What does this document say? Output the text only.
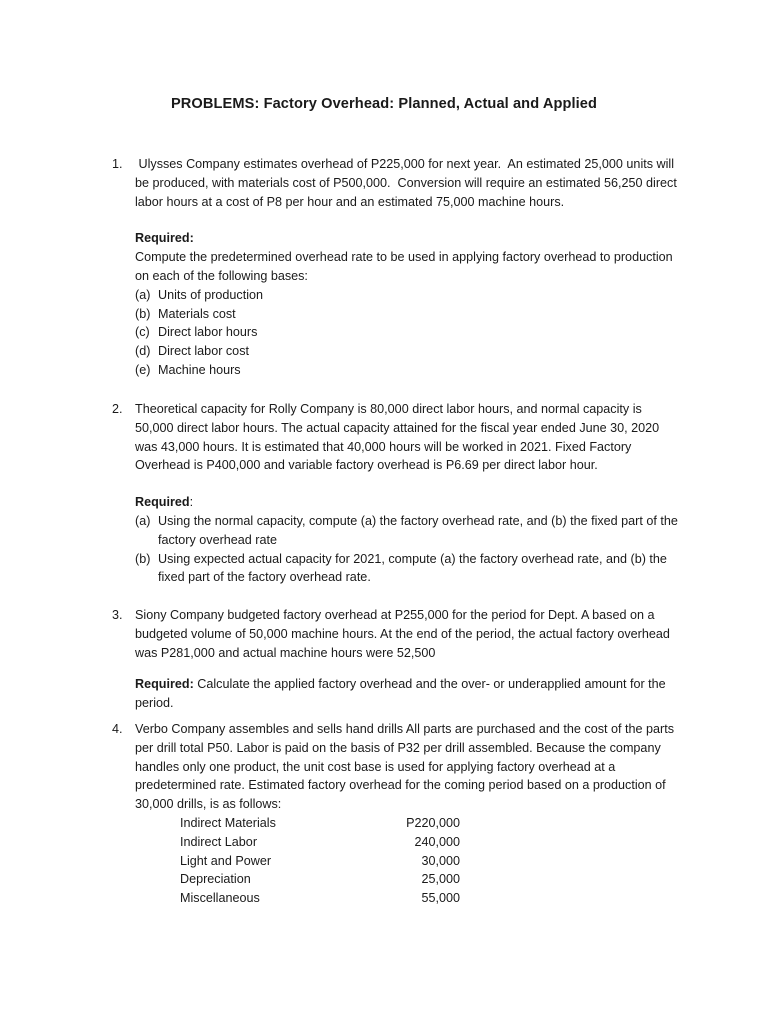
PROBLEMS: Factory Overhead: Planned, Actual and Applied
1. Ulysses Company estimates overhead of P225,000 for next year.  An estimated 25,000 units will be produced, with materials cost of P500,000.  Conversion will require an estimated 56,250 direct labor hours at a cost of P8 per hour and an estimated 75,000 machine hours.

Required:

Compute the predetermined overhead rate to be used in applying factory overhead to production on each of the following bases:

(a) Units of production
(b) Materials cost
(c) Direct labor hours
(d) Direct labor cost
(e) Machine hours
2. Theoretical capacity for Rolly Company is 80,000 direct labor hours, and normal capacity is 50,000 direct labor hours. The actual capacity attained for the fiscal year ended June 30, 2020 was 43,000 hours. It is estimated that 40,000 hours will be worked in 2021. Fixed Factory Overhead is P400,000 and variable factory overhead is P6.69 per direct labor hour.

Required:

(a) Using the normal capacity, compute (a) the factory overhead rate, and (b) the fixed part of the factory overhead rate
(b) Using expected actual capacity for 2021, compute (a) the factory overhead rate, and (b) the fixed part of the factory overhead rate.
3. Siony Company budgeted factory overhead at P255,000 for the period for Dept. A based on a budgeted volume of 50,000 machine hours. At the end of the period, the actual factory overhead was P281,000 and actual machine hours were 52,500

Required: Calculate the applied factory overhead and the over- or underapplied amount for the period.

4. Verbo Company assembles and sells hand drills All parts are purchased and the cost of the parts per drill total P50. Labor is paid on the basis of P32 per drill assembled. Because the company handles only one product, the unit cost base is used for applying factory overhead at a predetermined rate. Estimated factory overhead for the coming period based on a production of 30,000 drills, is as follows:

Indirect Materials	P220,000
Indirect Labor	240,000
Light and Power	30,000
Depreciation	25,000
Miscellaneous	55,000
